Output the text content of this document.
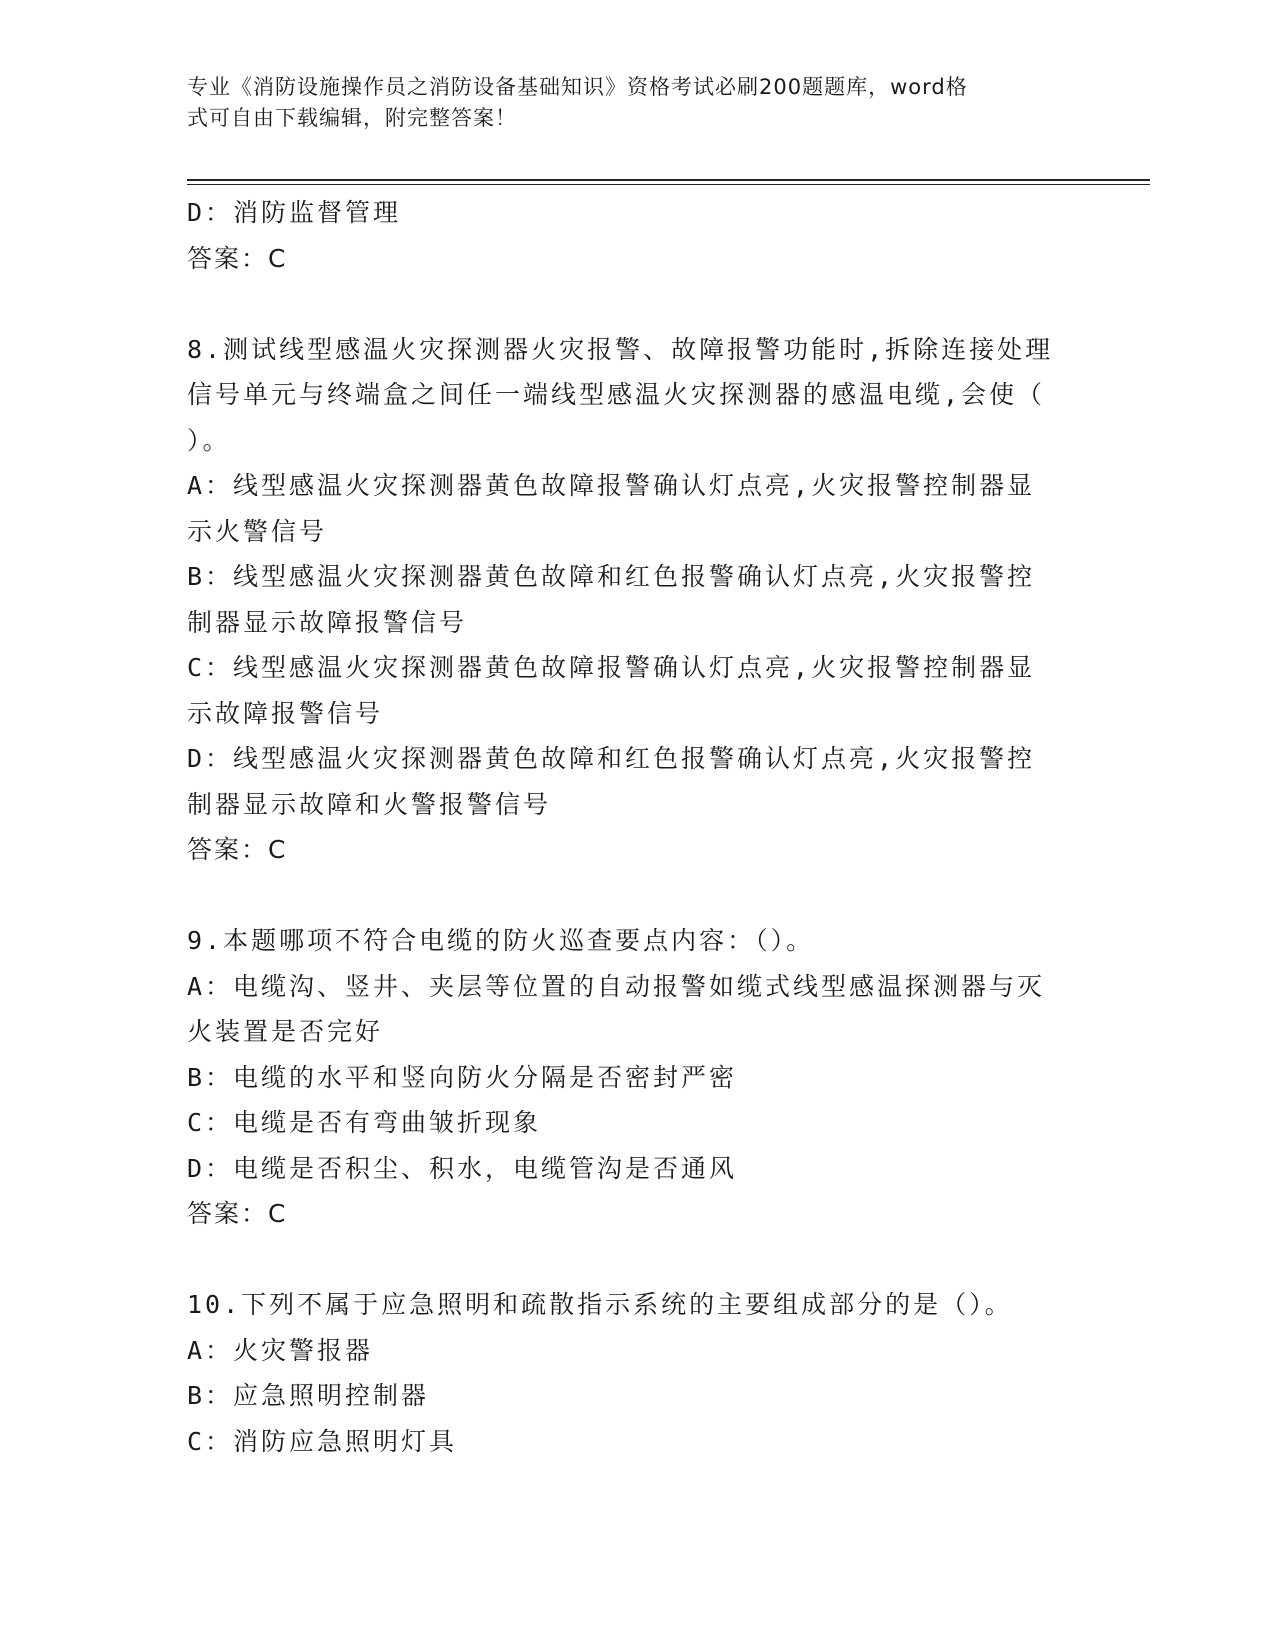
专业《消防设施操作员之消防设备基础知识》资格考试必刷200题题库，word格
式可自由下载编辑，附完整答案！
D：消防监督管理
答案：C
8.测试线型感温火灾探测器火灾报警、故障报警功能时,拆除连接处理
信号单元与终端盒之间任一端线型感温火灾探测器的感温电缆,会使（
）。
A：线型感温火灾探测器黄色故障报警确认灯点亮,火灾报警控制器显
示火警信号
B：线型感温火灾探测器黄色故障和红色报警确认灯点亮,火灾报警控
制器显示故障报警信号
C：线型感温火灾探测器黄色故障报警确认灯点亮,火灾报警控制器显
示故障报警信号
D：线型感温火灾探测器黄色故障和红色报警确认灯点亮,火灾报警控
制器显示故障和火警报警信号
答案：C
9.本题哪项不符合电缆的防火巡查要点内容：（）。
A：电缆沟、竖井、夹层等位置的自动报警如缆式线型感温探测器与灭
火装置是否完好
B：电缆的水平和竖向防火分隔是否密封严密
C：电缆是否有弯曲皱折现象
D：电缆是否积尘、积水，电缆管沟是否通风
答案：C
10.下列不属于应急照明和疏散指示系统的主要组成部分的是（）。
A：火灾警报器
B：应急照明控制器
C：消防应急照明灯具
